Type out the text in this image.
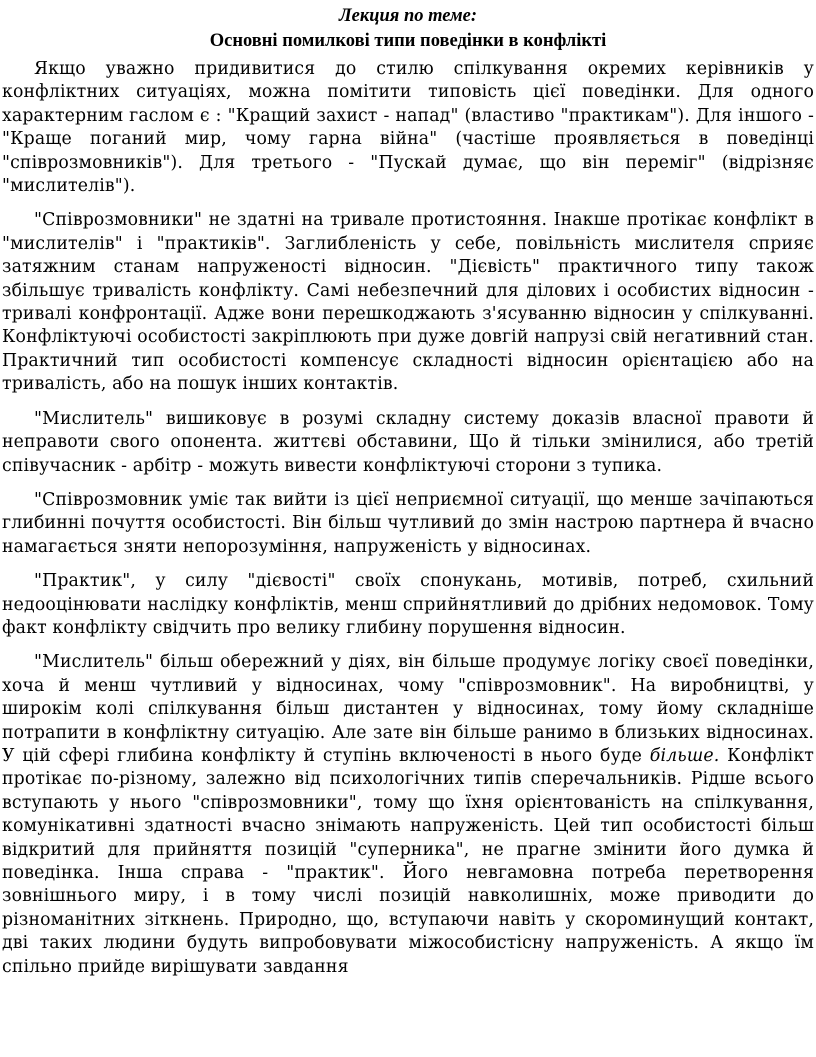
Лекция по теме:

Основні помилкові типи поведінки в конфлікті

Якщо уважно придивитися до стилю спілкування окремих керівників у конфліктних ситуаціях, можна помітити типовість цієї поведінки. Для одного характерним гаслом є : "Кращий захист - напад" (властиво "практикам"). Для іншого - "Краще поганий мир, чому гарна війна" (частіше проявляється в поведінці "співрозмовників"). Для третього - "Пускай думає, що він переміг" (відрізняє "мислителів").

"Співрозмовники" не здатні на тривале протистояння. Інакше протікає конфлікт в "мислителів" і "практиків". Заглибленість у себе, повільність мислителя сприяє затяжним станам напруженості відносин. "Дієвість" практичного типу також збільшує тривалість конфлікту. Самі небезпечний для ділових і особистих відносин - тривалі конфронтації. Адже вони перешкоджають з'ясуванню відносин у спілкуванні. Конфліктуючі особистості закріплюють при дуже довгій напрузі свій негативний стан. Практичний тип особистості компенсує складності відносин орієнтацією або на тривалість, або на пошук інших контактів.

"Мислитель" вишиковує в розумі складну систему доказів власної правоти й неправоти свого опонента. життєві обставини, Що й тільки змінилися, або третій співучасник - арбітр - можуть вивести конфліктуючі сторони з тупика.

"Співрозмовник уміє так вийти із цієї неприємної ситуації, що менше зачіпаються глибинні почуття особистості. Він більш чутливий до змін настрою партнера й вчасно намагається зняти непорозуміння, напруженість у відносинах.

"Практик", у силу "дієвості" своїх спонукань, мотивів, потреб, схильний недооцінювати наслідку конфліктів, менш сприйнятливий до дрібних недомовок. Тому факт конфлікту свідчить про велику глибину порушення відносин.

"Мислитель" більш обережний у діях, він більше продумує логіку своєї поведінки, хоча й менш чутливий у відносинах, чому "співрозмовник". На виробництві, у широкім колі спілкування більш дистантен у відносинах, тому йому складніше потрапити в конфліктну ситуацію. Але зате він більше ранимо в близьких відносинах. У цій сфері глибина конфлікту й ступінь включеності в нього буде більше. Конфлікт протікає по-різному, залежно від психологічних типів сперечальників. Рідше всього вступають у нього "співрозмовники", тому що їхня орієнтованість на спілкування, комунікативні здатності вчасно знімають напруженість. Цей тип особистості більш відкритий для прийняття позицій "суперника", не прагне змінити його думка й поведінка. Інша справа - "практик". Його невгамовна потреба перетворення зовнішнього миру, і в тому числі позицій навколишніх, може приводити до різноманітних зіткнень. Природно, що, вступаючи навіть у скороминущий контакт, дві таких людини будуть випробовувати міжособистісну напруженість. А якщо їм спільно прийде вирішувати завдання
